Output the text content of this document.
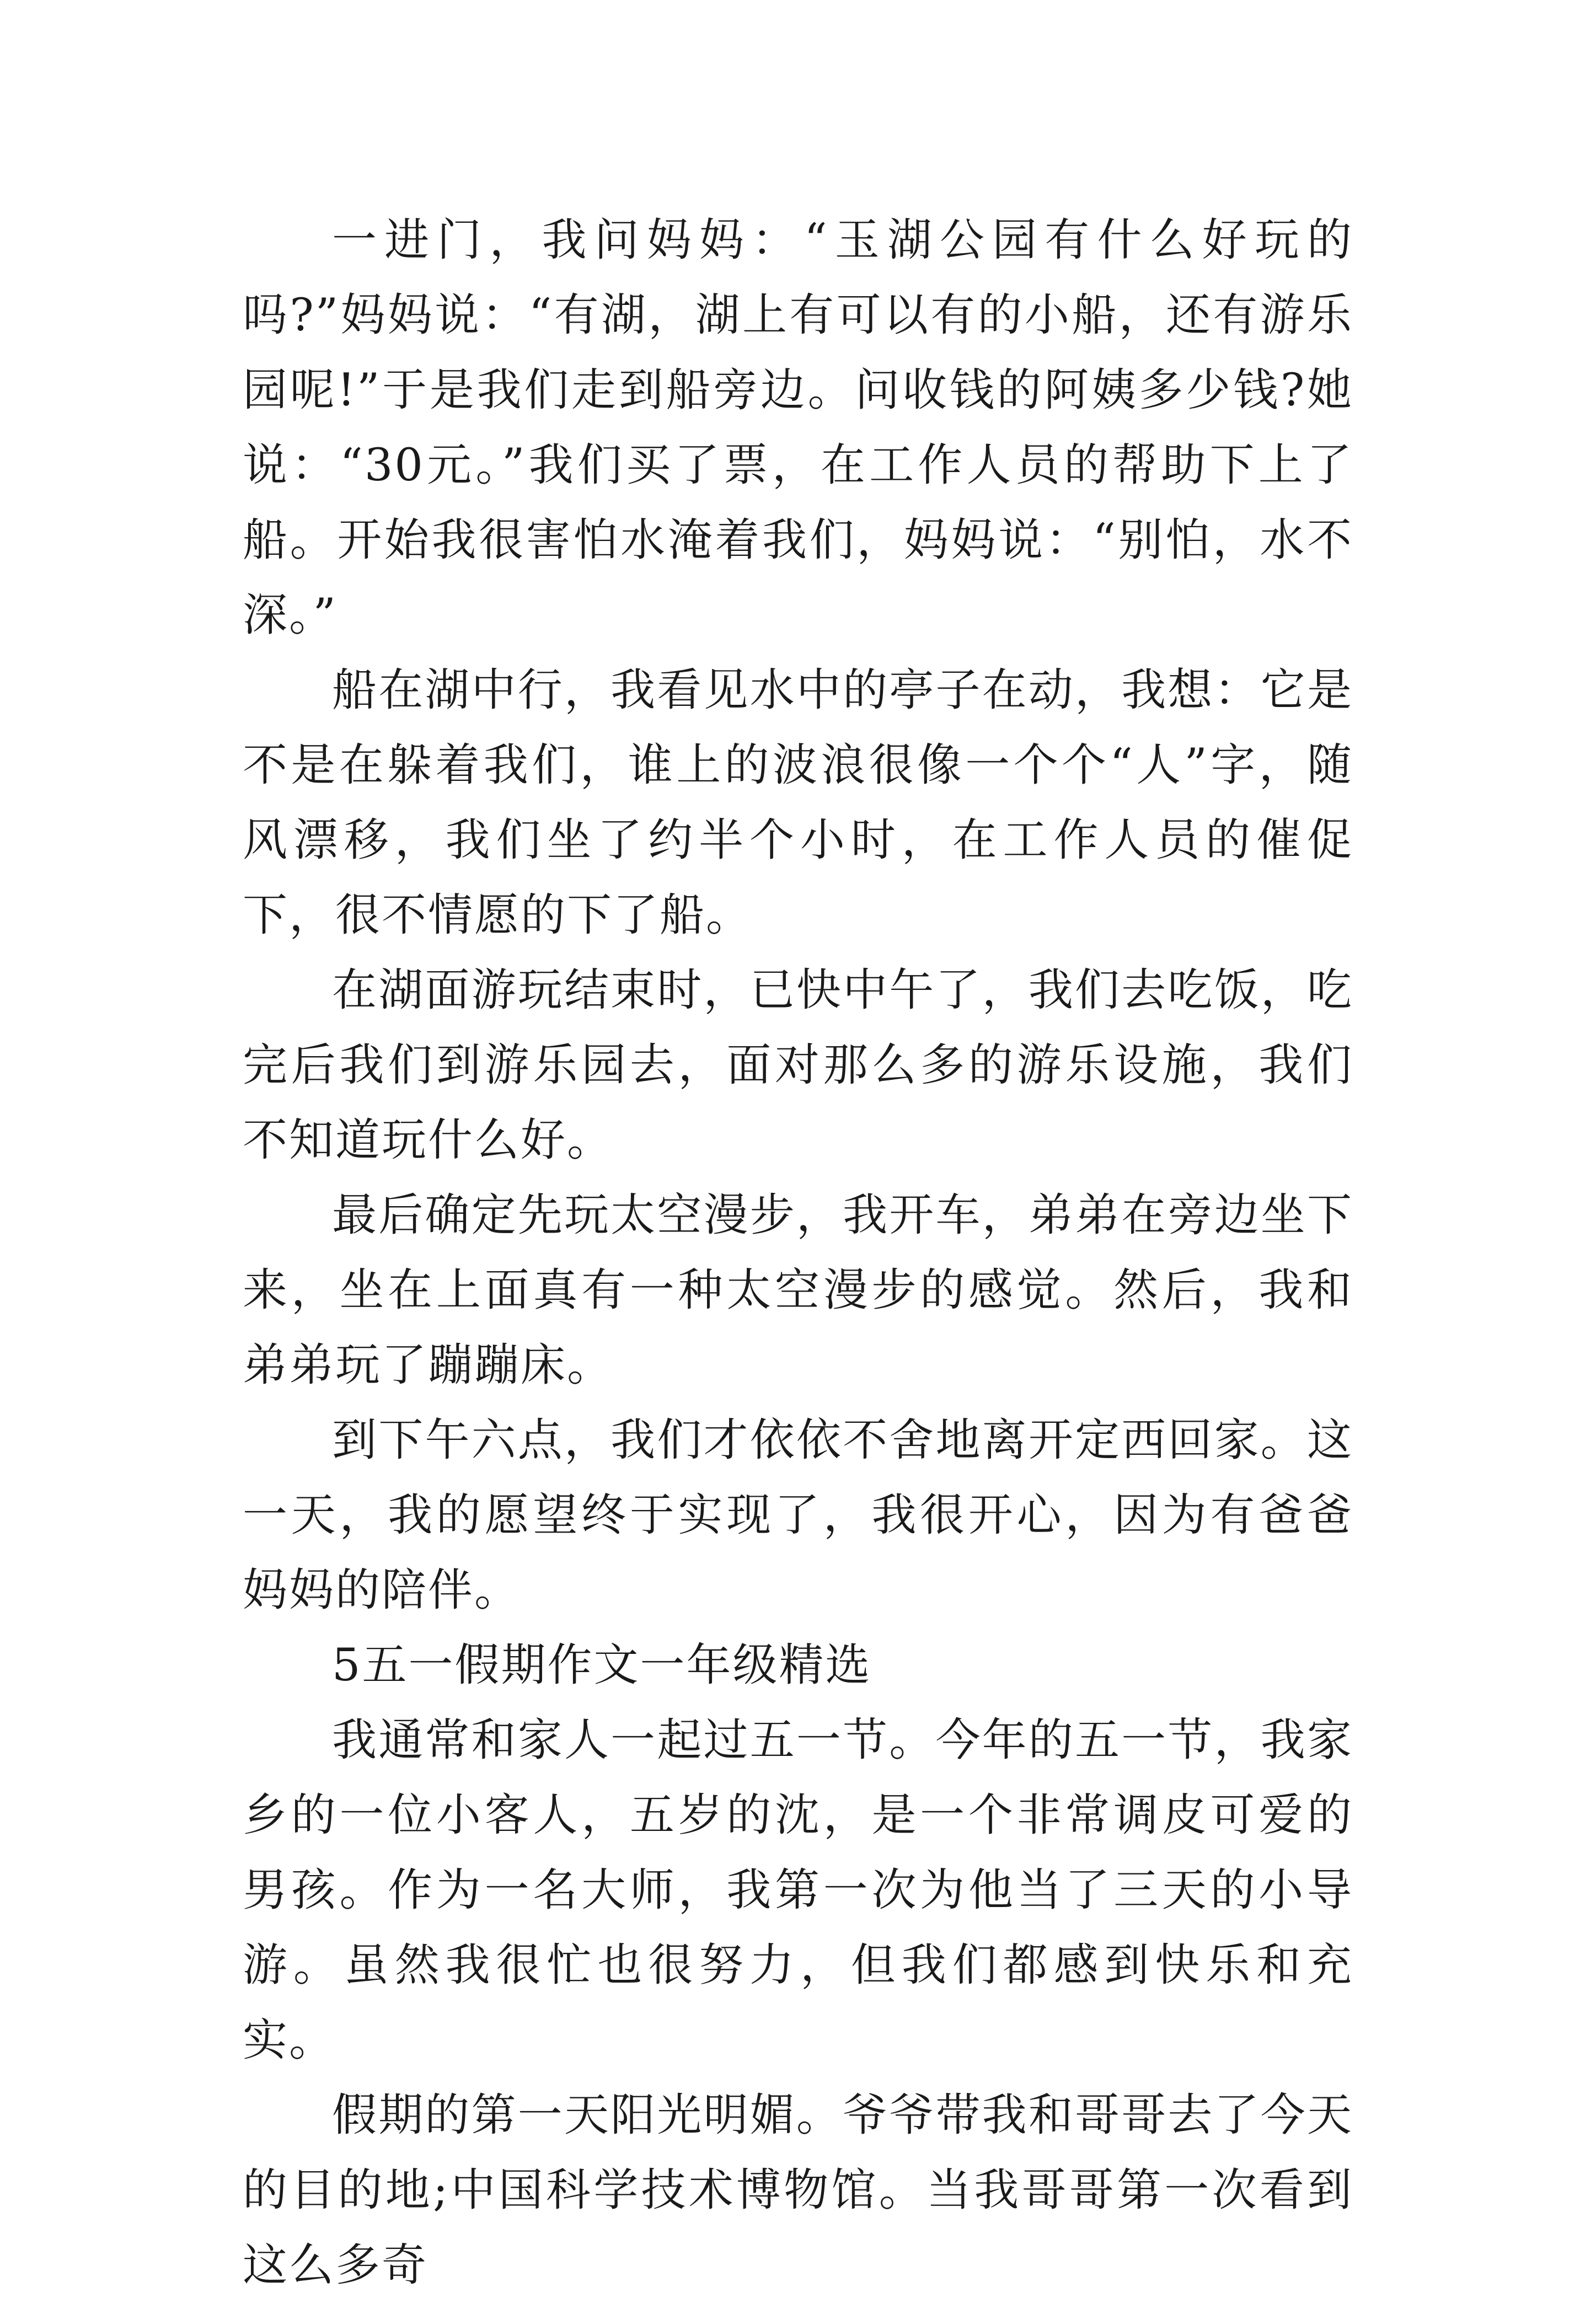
一进门，我问妈妈：“玉湖公园有什么好玩的吗?”妈妈说：“有湖，湖上有可以有的小船，还有游乐园呢!”于是我们走到船旁边。问收钱的阿姨多少钱?她说：“30元。”我们买了票，在工作人员的帮助下上了船。开始我很害怕水淹着我们，妈妈说：“别怕，水不深。”

船在湖中行，我看见水中的亭子在动，我想：它是不是在躲着我们，谁上的波浪很像一个个“人”字，随风漂移，我们坐了约半个小时，在工作人员的催促下，很不情愿的下了船。

在湖面游玩结束时，已快中午了，我们去吃饭，吃完后我们到游乐园去，面对那么多的游乐设施，我们不知道玩什么好。

最后确定先玩太空漫步，我开车，弟弟在旁边坐下来，坐在上面真有一种太空漫步的感觉。然后，我和弟弟玩了蹦蹦床。

到下午六点，我们才依依不舍地离开定西回家。这一天，我的愿望终于实现了，我很开心，因为有爸爸妈妈的陪伴。

5五一假期作文一年级精选

我通常和家人一起过五一节。今年的五一节，我家乡的一位小客人，五岁的沈，是一个非常调皮可爱的男孩。作为一名大师，我第一次为他当了三天的小导游。虽然我很忙也很努力，但我们都感到快乐和充实。

假期的第一天阳光明媚。爷爷带我和哥哥去了今天的目的地;中国科学技术博物馆。当我哥哥第一次看到这么多奇
